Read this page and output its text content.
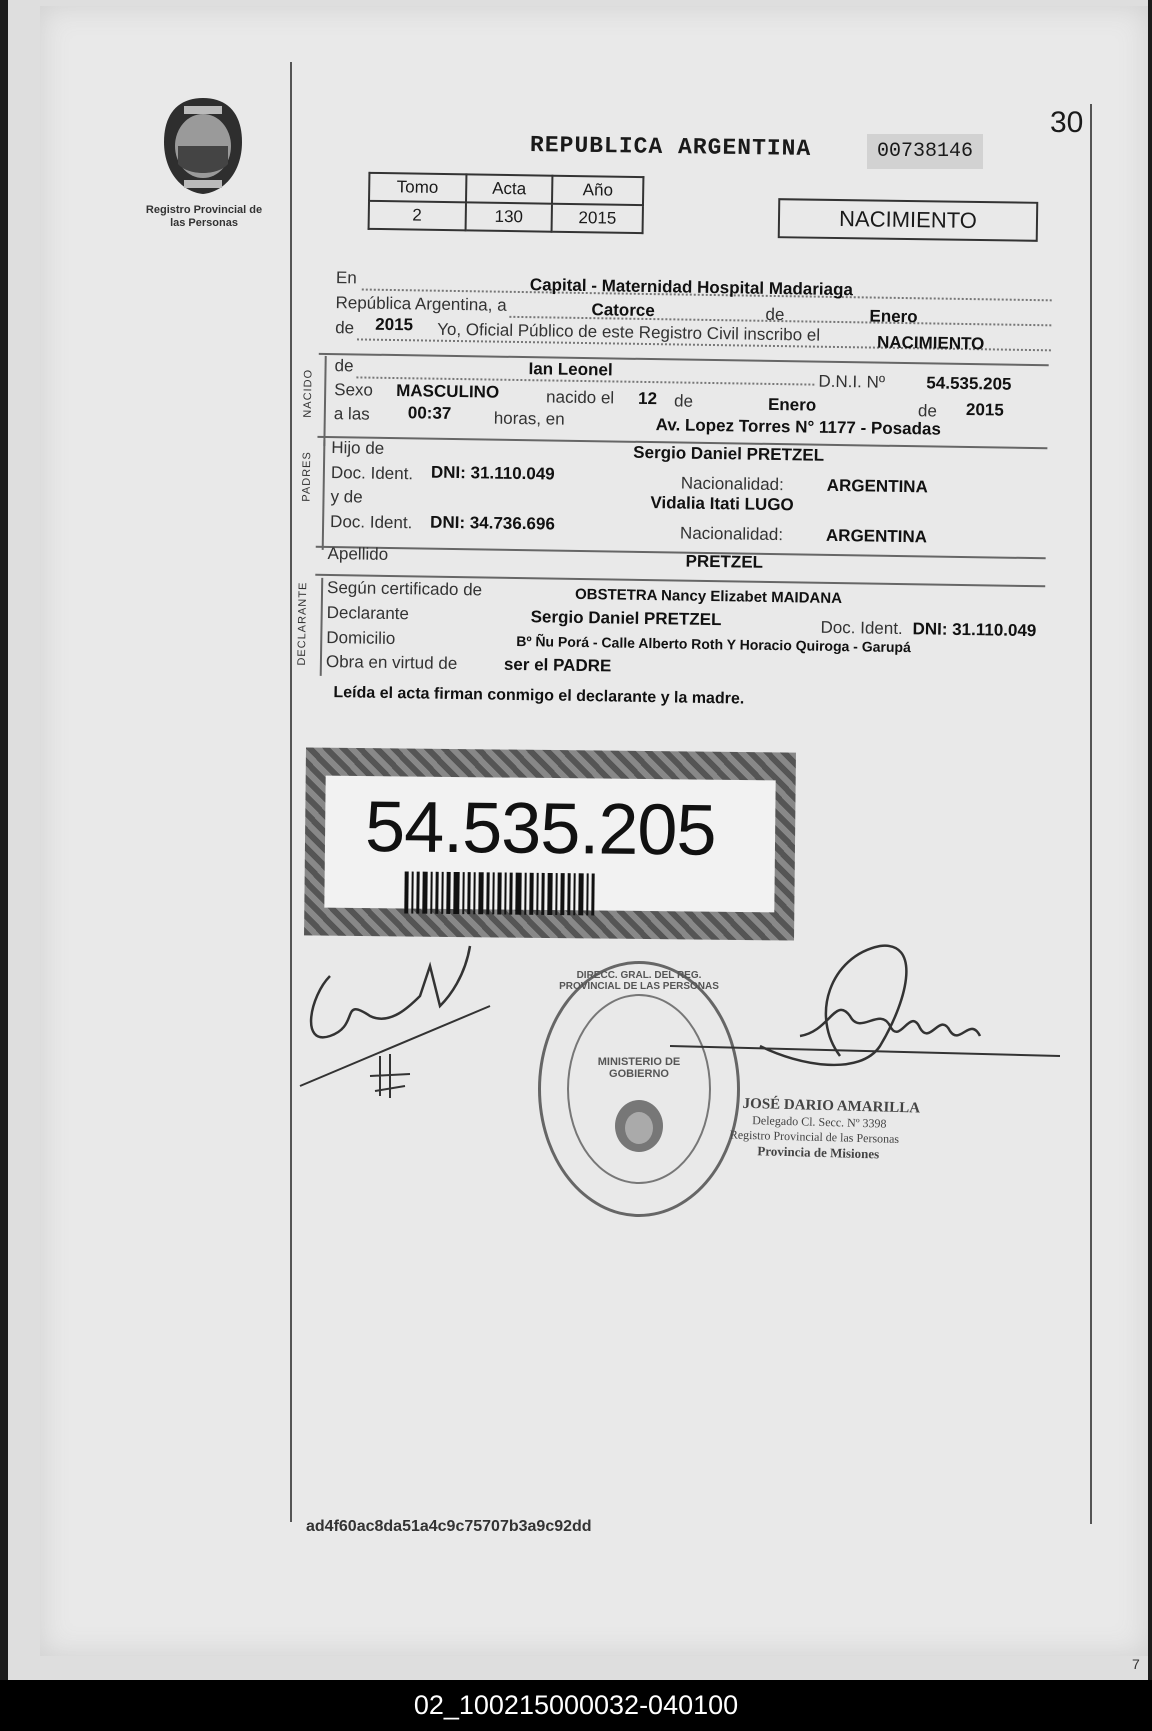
Registro Provincial de las Personas
30
REPUBLICA ARGENTINA	00738146
Tomo	Acta	Año
2	130	2015	NACIMIENTO
En	Capital - Maternidad Hospital Madariaga
República Argentina, a	Catorce	de	Enero
de 2015 Yo, Oficial Público de este Registro Civil inscribo el	NACIMIENTO
NACIDO
de	Ian Leonel
D.N.I. Nº 54.535.205
Sexo MASCULINO	nacido el 12 de	Enero	de 2015
a las 00:37 horas, en	Av. Lopez Torres N° 1177 - Posadas
PADRES
Hijo de	Sergio Daniel PRETZEL
Doc. Ident. DNI: 31.110.049
Nacionalidad:	ARGENTINA
y de	Vidalia Itati LUGO
Doc. Ident. DNI: 34.736.696
Nacionalidad:	ARGENTINA
Apellido	PRETZEL
DECLARANTE Según certificado de	OBSTETRA Nancy Elizabet MAIDANA
Declarante	Sergio Daniel PRETZEL	Doc. Ident. DNI: 31.110.049
Domicilio	Bº Ñu Porá - Calle Alberto Roth Y Horacio Quiroga - Garupá
Obra en virtud de	ser el PADRE
Leída el acta firman conmigo el declarante y la madre.
54.535.205
MINISTERIO DE GOBIERNO
DIRECC. GRAL. DEL REG. PROVINCIAL DE LAS PERSONAS
JOSÉ DARIO AMARILLA
Delegado Cl. Secc. Nº 3398
Registro Provincial de las Personas
Provincia de Misiones
ad4f60ac8da51a4c9c75707b3a9c92dd
7
02_100215000032-040100
